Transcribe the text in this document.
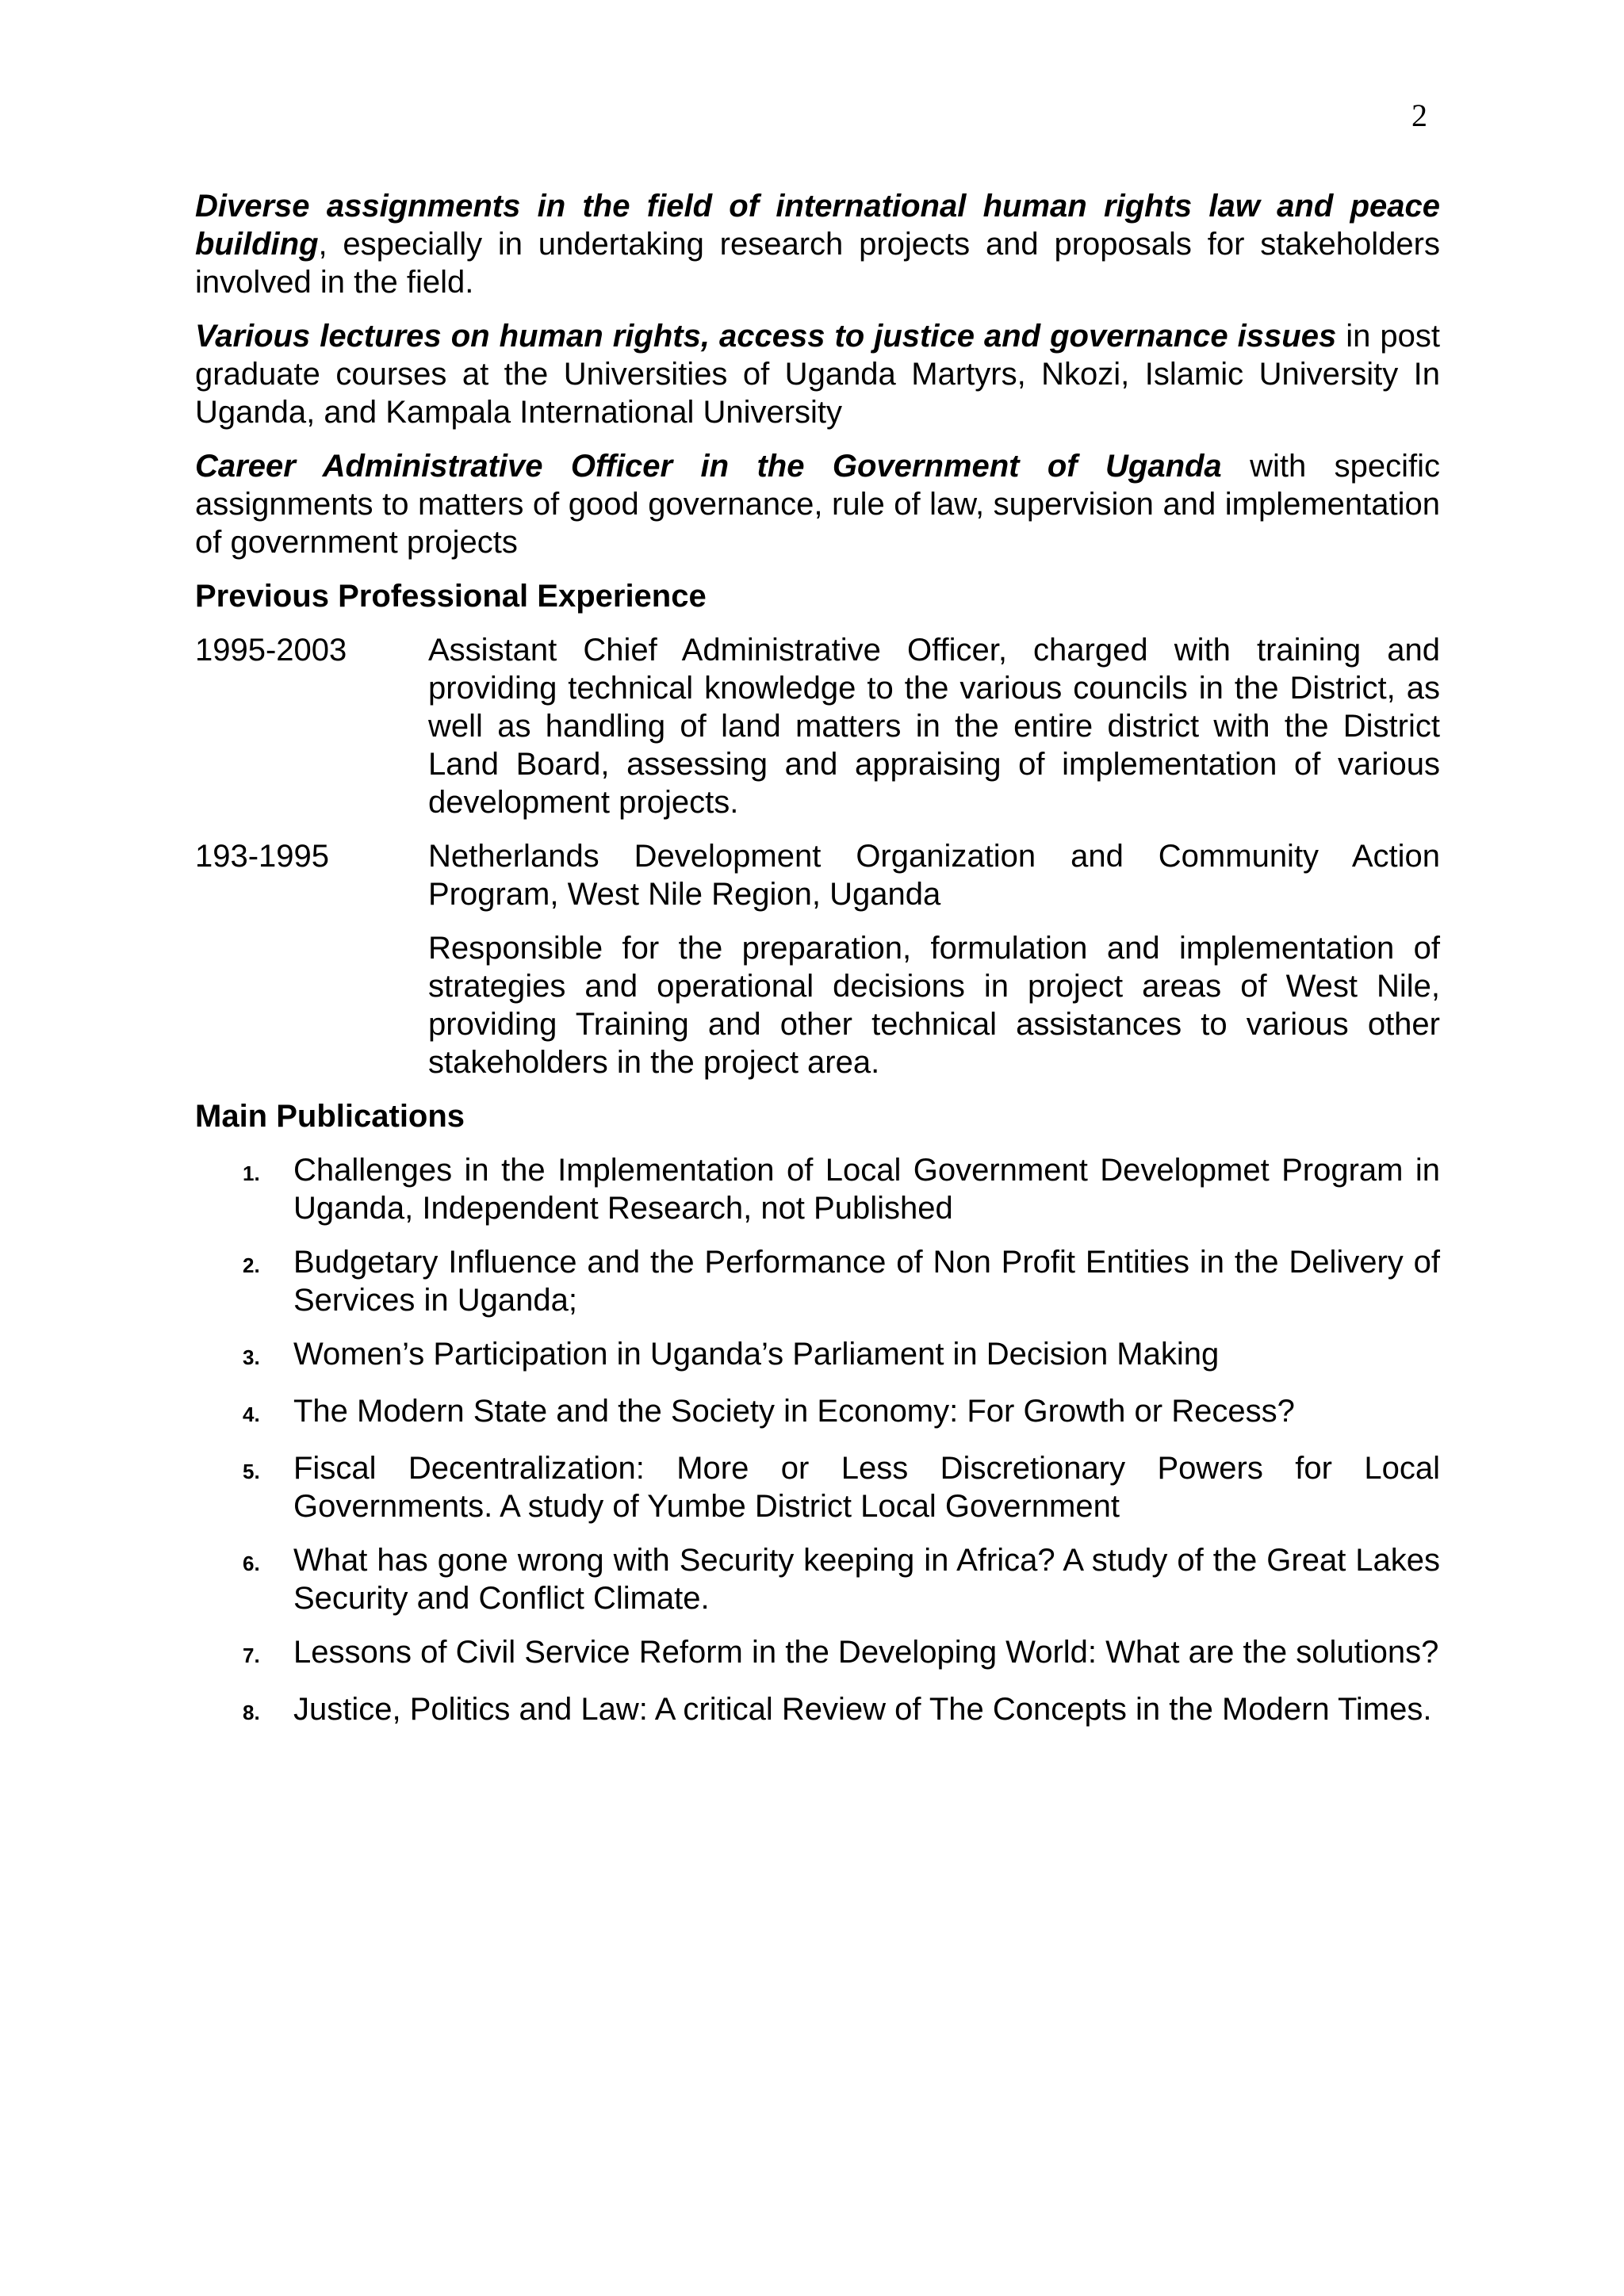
2

Diverse assignments in the field of international human rights law and peace building, especially in undertaking research projects and proposals for stakeholders involved in the field.

Various lectures on human rights, access to justice and governance issues in post graduate courses at the Universities of Uganda Martyrs, Nkozi, Islamic University In Uganda, and Kampala International University

Career Administrative Officer in the Government of Uganda with specific assignments to matters of good governance, rule of law, supervision and implementation of government projects

Previous Professional Experience
1995-2003	Assistant Chief Administrative Officer, charged with training and providing technical knowledge to the various councils in the District, as well as handling of land matters in the entire district with the District Land Board, assessing and appraising of implementation of various development projects.
193-1995	Netherlands Development Organization and Community Action Program, West Nile Region, Uganda
Responsible for the preparation, formulation and implementation of strategies and operational decisions in project areas of West Nile, providing Training and other technical assistances to various other stakeholders in the project area.
Main Publications
1.	Challenges in the Implementation of Local Government Developmet Program in Uganda, Independent Research, not Published
2.	Budgetary Influence and the Performance of Non Profit Entities in the Delivery of Services in Uganda;
3.	Women’s Participation in Uganda’s Parliament in Decision Making
4.	The Modern State and the Society in Economy: For Growth or Recess?
5.	Fiscal Decentralization: More or Less Discretionary Powers for Local Governments. A study of Yumbe District Local Government
6.	What has gone wrong with Security keeping in Africa? A study of the Great Lakes Security and Conflict Climate.
7.	Lessons of Civil Service Reform in the Developing World: What are the solutions?
8.	Justice, Politics and Law: A critical Review of The Concepts in the Modern Times.
